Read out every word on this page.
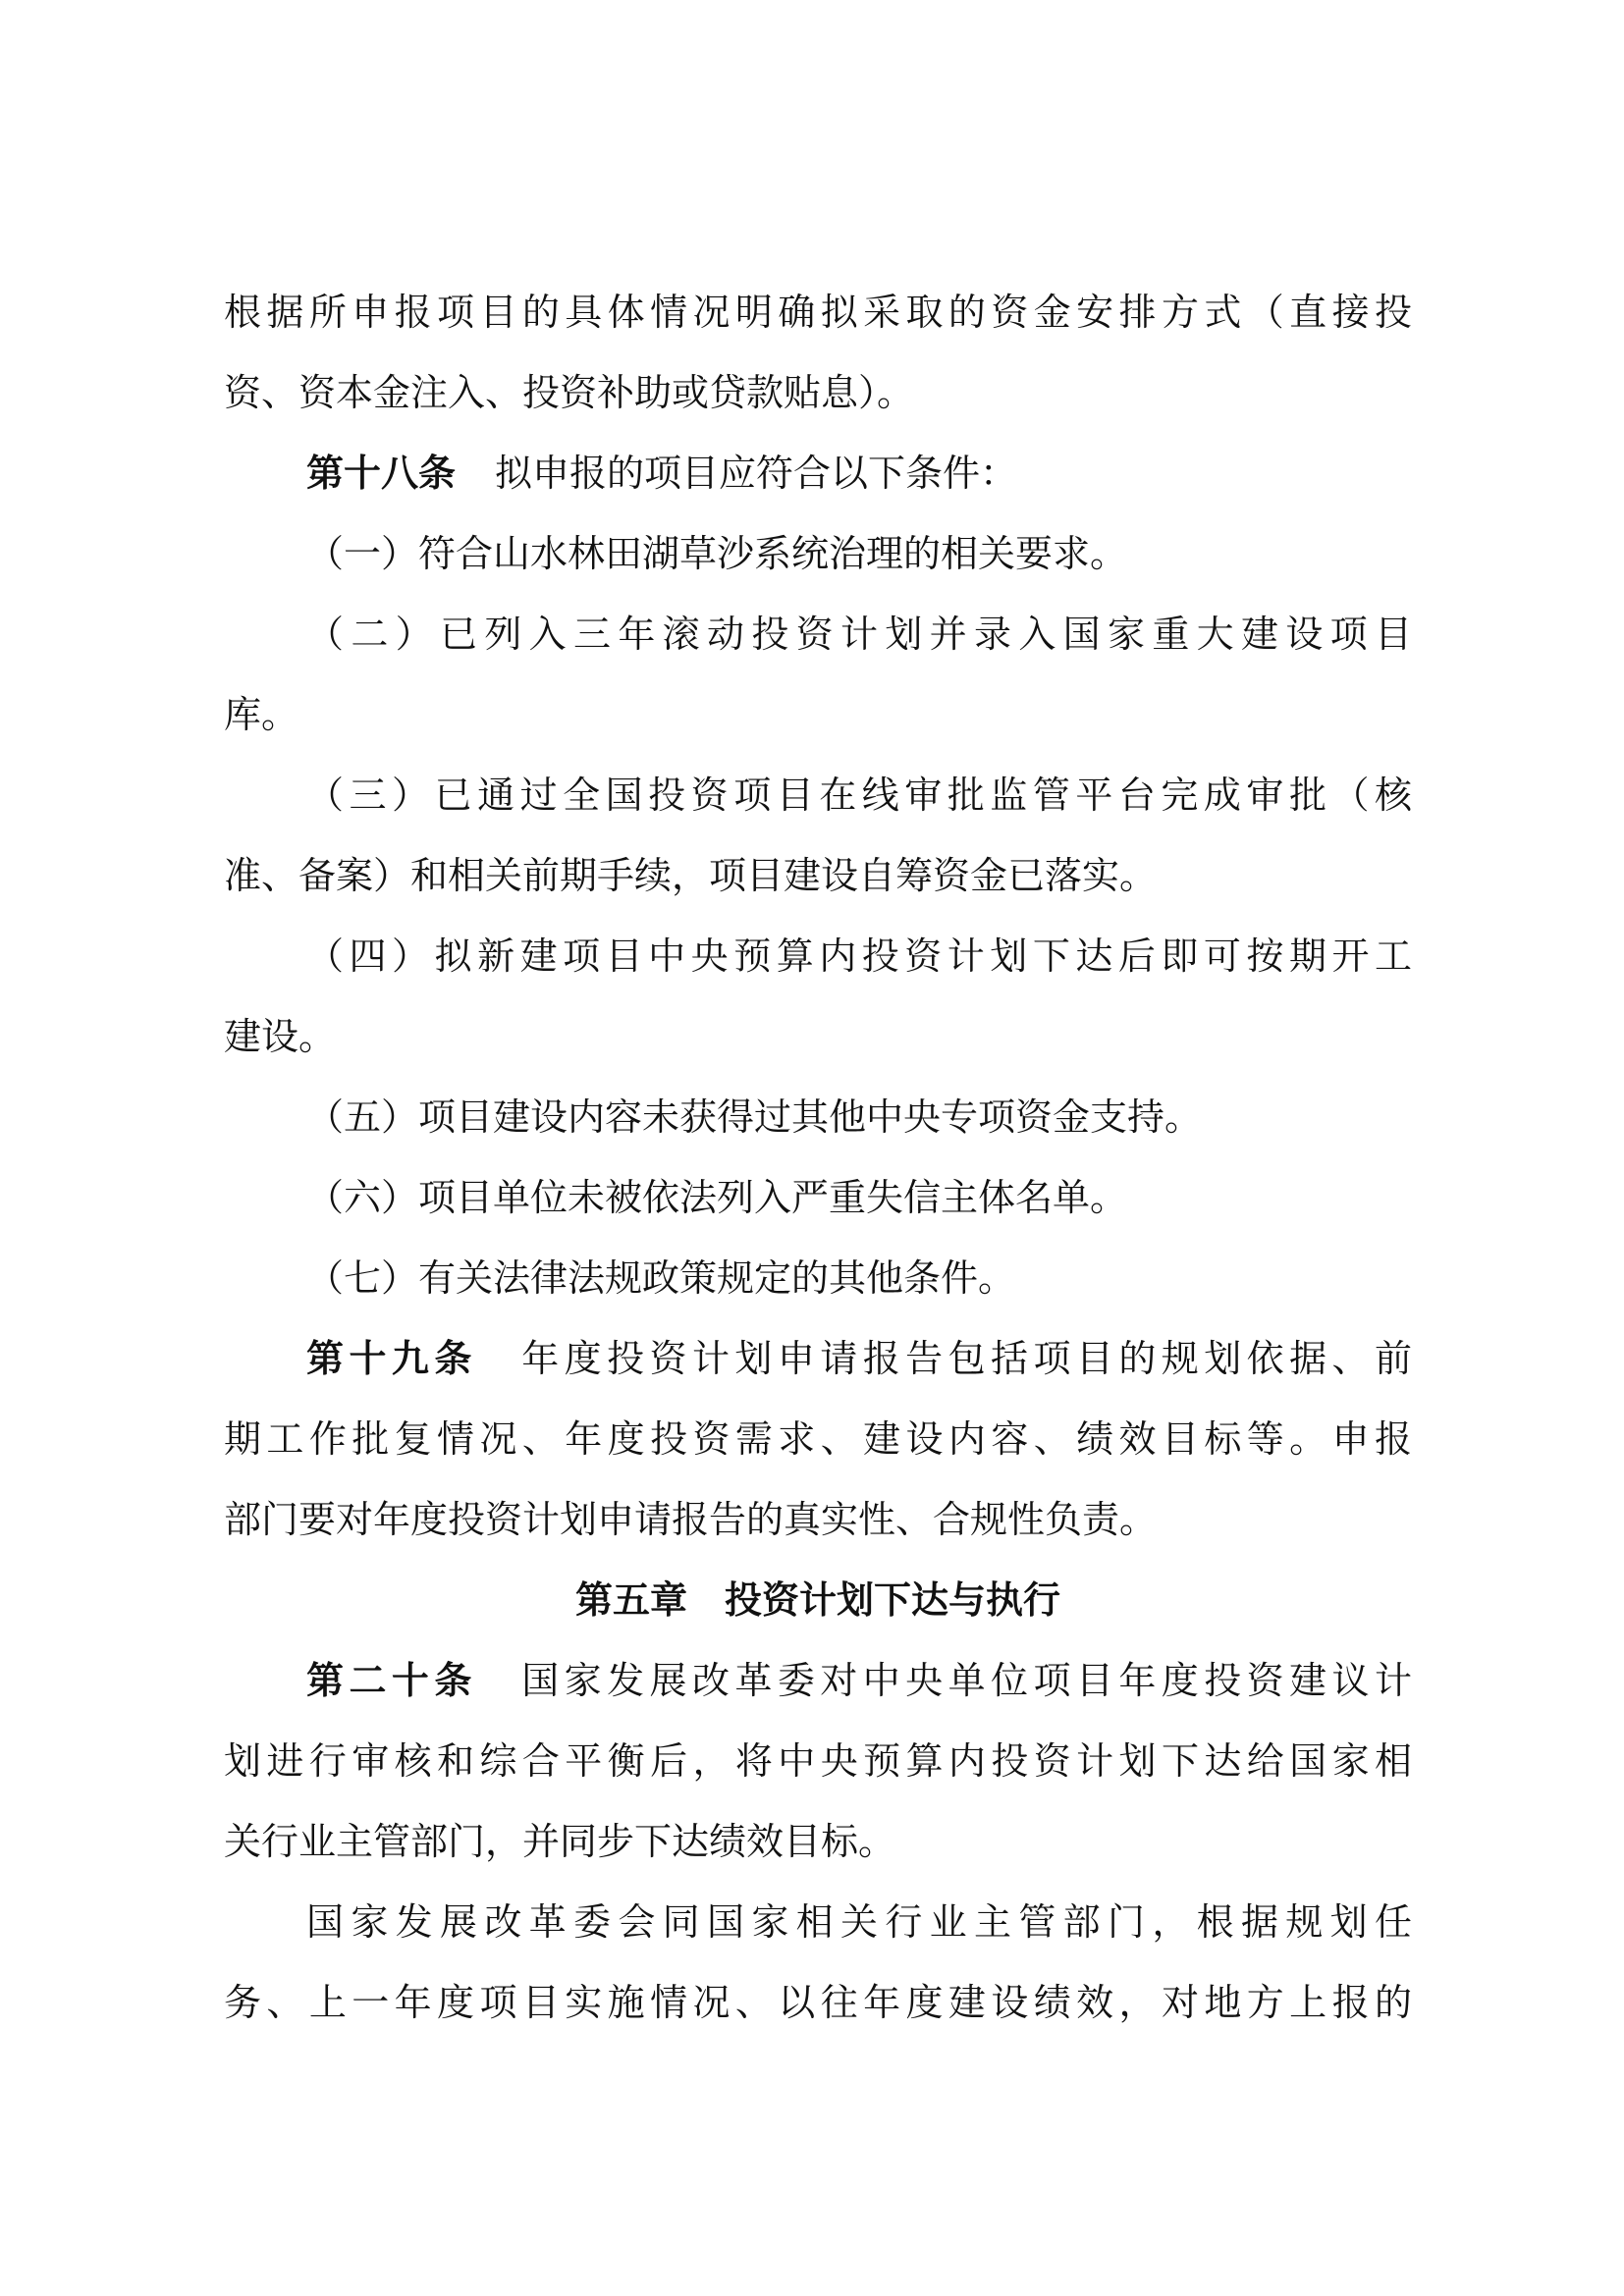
根据所申报项目的具体情况明确拟采取的资金安排方式（直接投
资、资本金注入、投资补助或贷款贴息）。
第十八条 拟申报的项目应符合以下条件：
（一）符合山水林田湖草沙系统治理的相关要求。
（二）已列入三年滚动投资计划并录入国家重大建设项目
库。
（三）已通过全国投资项目在线审批监管平台完成审批（核
准、备案）和相关前期手续，项目建设自筹资金已落实。
（四）拟新建项目中央预算内投资计划下达后即可按期开工
建设。
（五）项目建设内容未获得过其他中央专项资金支持。
（六）项目单位未被依法列入严重失信主体名单。
（七）有关法律法规政策规定的其他条件。
第十九条 年度投资计划申请报告包括项目的规划依据、前
期工作批复情况、年度投资需求、建设内容、绩效目标等。申报
部门要对年度投资计划申请报告的真实性、合规性负责。
第五章　投资计划下达与执行
第二十条 国家发展改革委对中央单位项目年度投资建议计
划进行审核和综合平衡后，将中央预算内投资计划下达给国家相
关行业主管部门，并同步下达绩效目标。
国家发展改革委会同国家相关行业主管部门，根据规划任
务、上一年度项目实施情况、以往年度建设绩效，对地方上报的
